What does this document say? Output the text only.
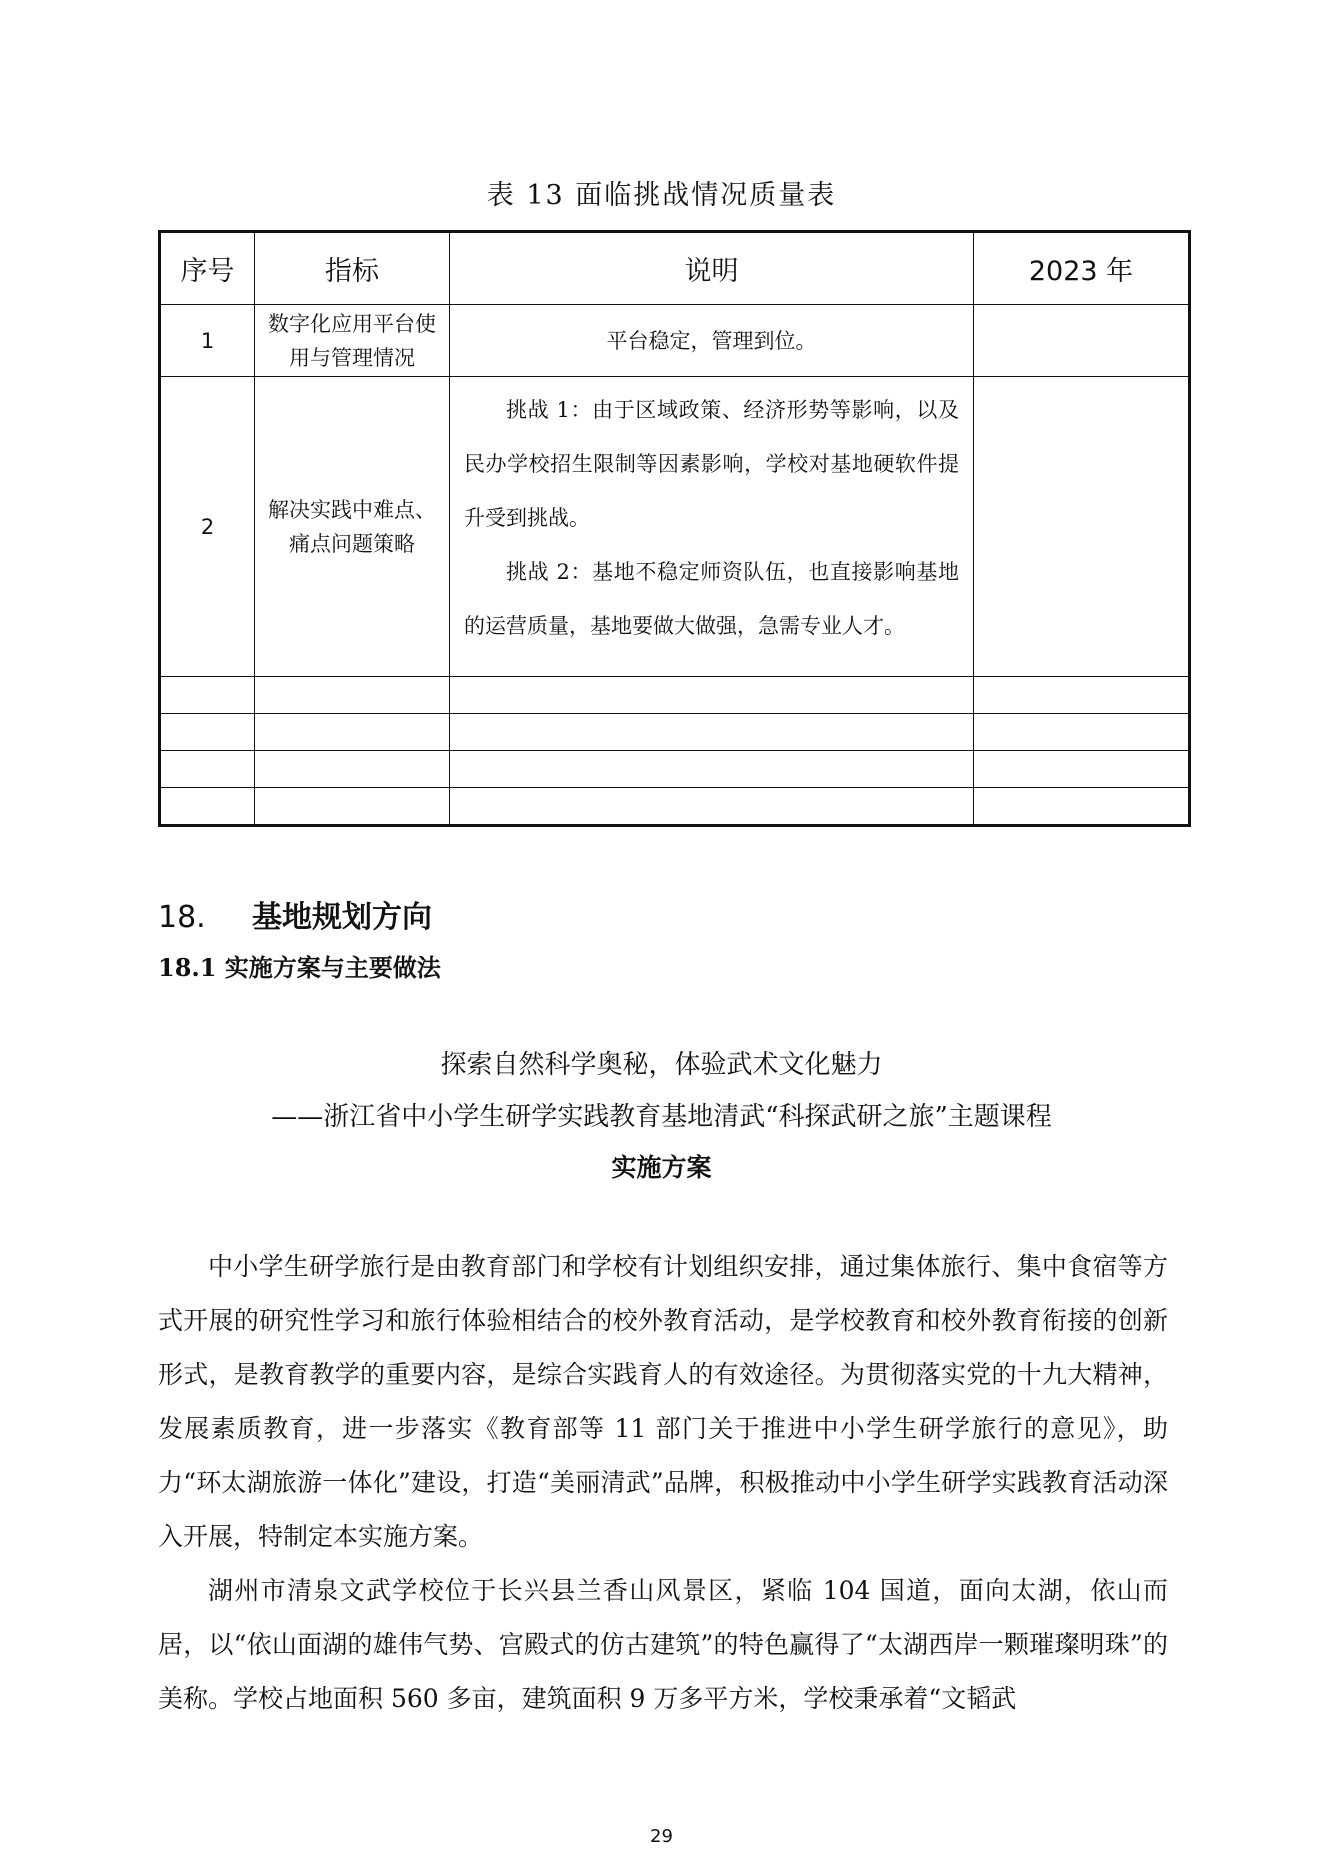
表 13 面临挑战情况质量表
序号	指标	说明	2023 年
1	数字化应用平台使用与管理情况	平台稳定，管理到位。	
2	解决实践中难点、痛点问题策略	挑战 1：由于区域政策、经济形势等影响，以及民办学校招生限制等因素影响，学校对基地硬软件提升受到挑战。

挑战 2：基地不稳定师资队伍，也直接影响基地的运营质量，基地要做大做强，急需专业人才。	

18. 基地规划方向
18.1 实施方案与主要做法
探索自然科学奥秘，体验武术文化魅力
——浙江省中小学生研学实践教育基地清武“科探武研之旅”主题课程
实施方案

中小学生研学旅行是由教育部门和学校有计划组织安排，通过集体旅行、集中食宿等方式开展的研究性学习和旅行体验相结合的校外教育活动，是学校教育和校外教育衔接的创新形式，是教育教学的重要内容，是综合实践育人的有效途径。为贯彻落实党的十九大精神，发展素质教育，进一步落实《教育部等 11 部门关于推进中小学生研学旅行的意见》，助力“环太湖旅游一体化”建设，打造“美丽清武”品牌，积极推动中小学生研学实践教育活动深入开展，特制定本实施方案。

湖州市清泉文武学校位于长兴县兰香山风景区，紧临 104 国道，面向太湖，依山而居，以“依山面湖的雄伟气势、宫殿式的仿古建筑”的特色赢得了“太湖西岸一颗璀璨明珠”的美称。学校占地面积 560 多亩，建筑面积 9 万多平方米，学校秉承着“文韬武

29
